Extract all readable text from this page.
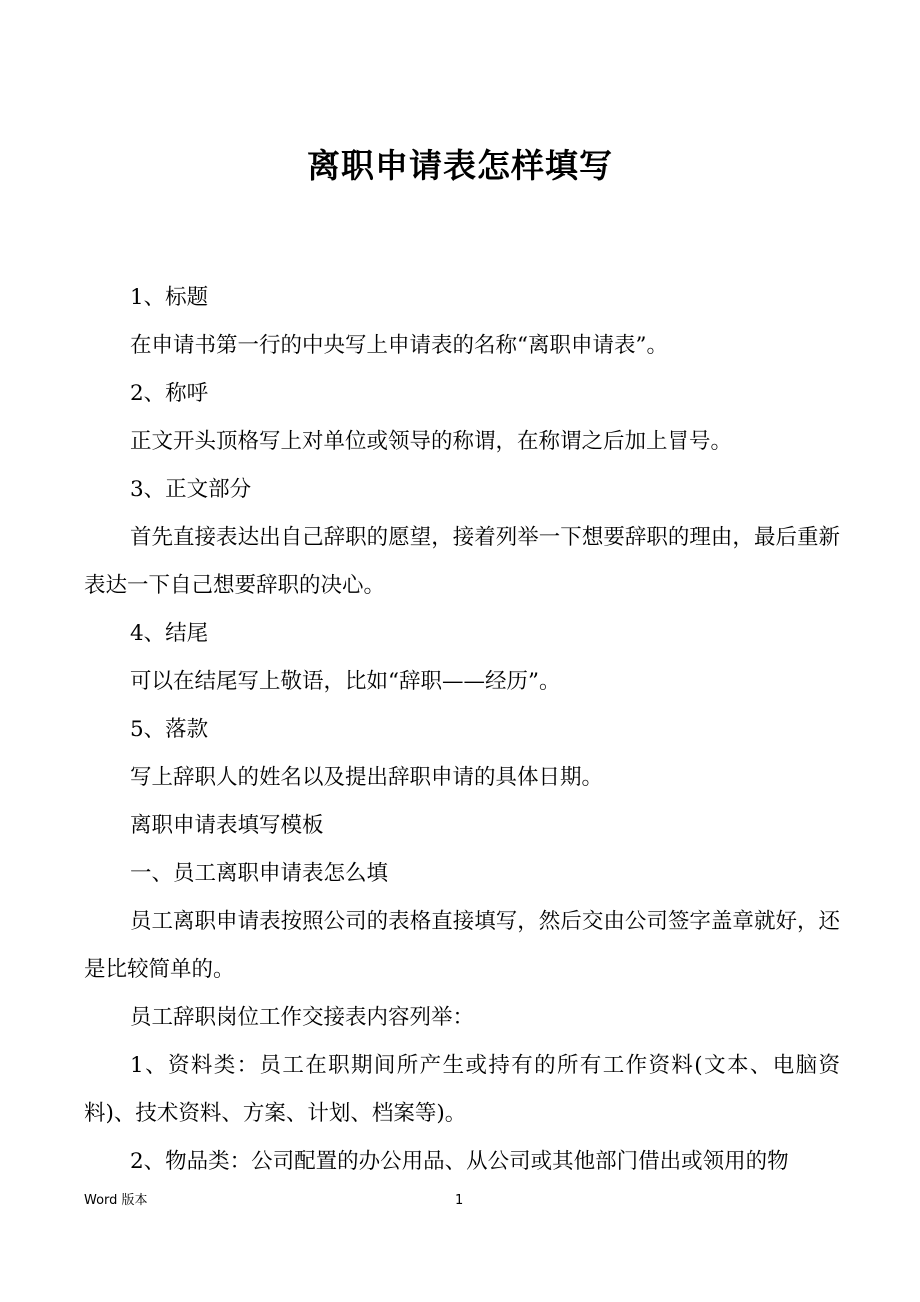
离职申请表怎样填写

1、标题

在申请书第一行的中央写上申请表的名称“离职申请表”。

2、称呼

正文开头顶格写上对单位或领导的称谓，在称谓之后加上冒号。

3、正文部分

首先直接表达出自己辞职的愿望，接着列举一下想要辞职的理由，最后重新表达一下自己想要辞职的决心。

4、结尾

可以在结尾写上敬语，比如“辞职——经历”。

5、落款

写上辞职人的姓名以及提出辞职申请的具体日期。

离职申请表填写模板

一、员工离职申请表怎么填

员工离职申请表按照公司的表格直接填写，然后交由公司签字盖章就好，还是比较简单的。

员工辞职岗位工作交接表内容列举：

1、资料类：员工在职期间所产生或持有的所有工作资料(文本、电脑资料)、技术资料、方案、计划、档案等)。

2、物品类：公司配置的办公用品、从公司或其他部门借出或领用的物

Word 版本	1
